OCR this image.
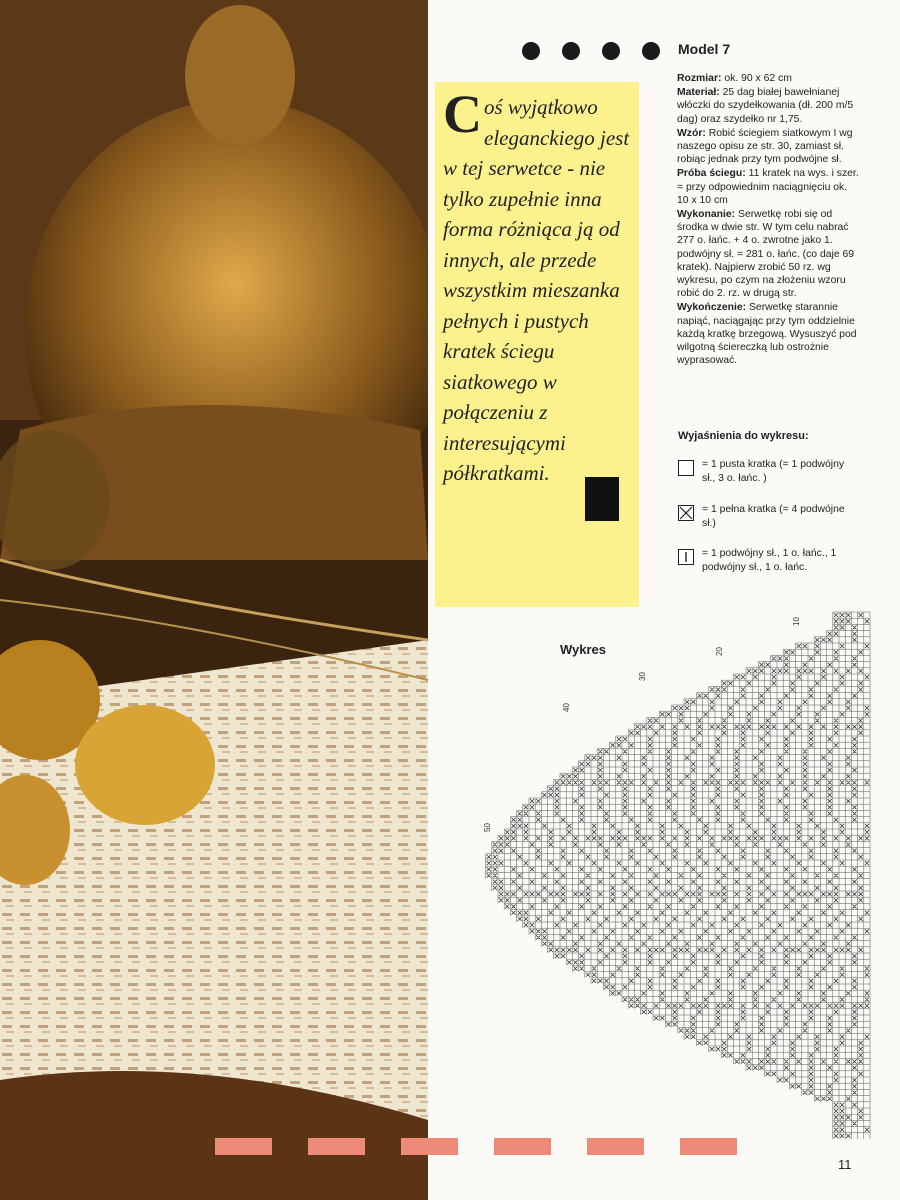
Model 7
Coś wyjątkowo eleganckiego jest w tej serwetce - nie tylko zupełnie inna forma różniąca ją od innych, ale przede wszystkim mieszanka pełnych i pustych kratek ściegu siatkowego w połączeniu z interesującymi półkratkami.

Rozmiar: ok. 90 x 62 cm

Materiał: 25 dag białej bawełnianej włóczki do szydełkowania (dł. 200 m/5 dag) oraz szydełko nr 1,75.

Wzór: Robić ściegiem siatkowym I wg naszego opisu ze str. 30, zamiast sł. robiąc jednak przy tym podwójne sł.

Próba ściegu: 11 kratek na wys. i szer. = przy odpowiednim naciągnięciu ok. 10 x 10 cm

Wykonanie: Serwetkę robi się od środka w dwie str. W tym celu nabrać 277 o. łańc. + 4 o. zwrotne jako 1. podwójny sł. = 281 o. łańc. (co daje 69 kratek). Najpierw zrobić 50 rz. wg wykresu, po czym na złożeniu wzoru robić do 2. rz. w drugą str.

Wykończenie: Serwetkę starannie napiąć, naciągając przy tym oddzielnie każdą kratkę brzegową. Wysuszyć pod wilgotną ściereczką lub ostrożnie wyprasować.

Wyjaśnienia do wykresu:
= 1 pusta kratka (= 1 podwójny sł., 3 o. łańc. )
= 1 pełna kratka (= 4 podwójne sł.)
= 1 podwójny sł., 1 o. łańc., 1 podwójny sł., 1 o. łańc.
Wykres
10
20
30
40
50
11
